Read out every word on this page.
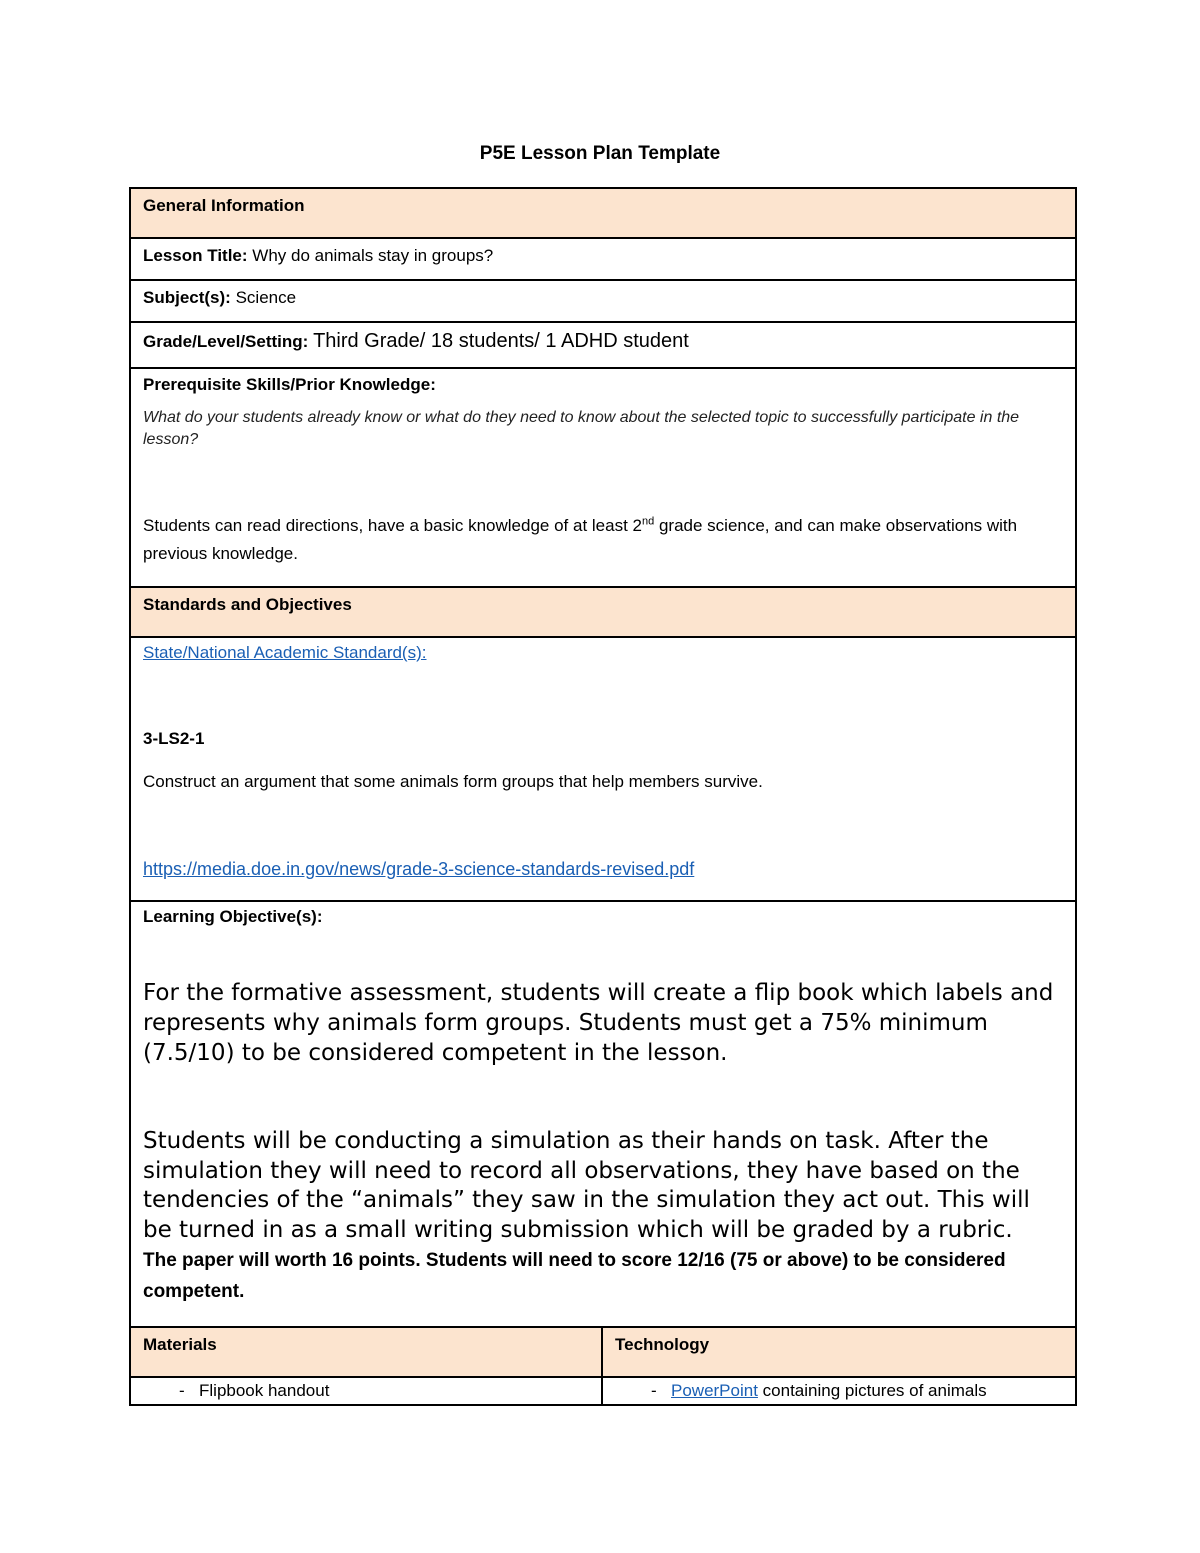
P5E Lesson Plan Template
General Information	
Lesson Title: Why do animals stay in groups?	
Subject(s): Science	
Grade/Level/Setting: Third Grade/ 18 students/ 1 ADHD student	

Prerequisite Skills/Prior Knowledge:

What do your students already know or what do they need to know about the selected topic to successfully participate in the lesson?

Students can read directions, have a basic knowledge of at least 2nd grade science, and can make observations with previous knowledge.	

Standards and Objectives	

State/National Academic Standard(s):

3-LS2-1

Construct an argument that some animals form groups that help members survive.

https://media.doe.in.gov/news/grade-3-science-standards-revised.pdf	

Learning Objective(s):

For the formative assessment, students will create a flip book which labels and represents why animals form groups. Students must get a 75% minimum (7.5/10) to be considered competent in the lesson.

Students will be conducting a simulation as their hands on task. After the simulation they will need to record all observations, they have based on the tendencies of the “animals” they saw in the simulation they act out. This will be turned in as a small writing submission which will be graded by a rubric.

The paper will worth 16 points. Students will need to score 12/16 (75 or above) to be considered competent.	

Materials	Technology
- Flipbook handout	- PowerPoint containing pictures of animals
